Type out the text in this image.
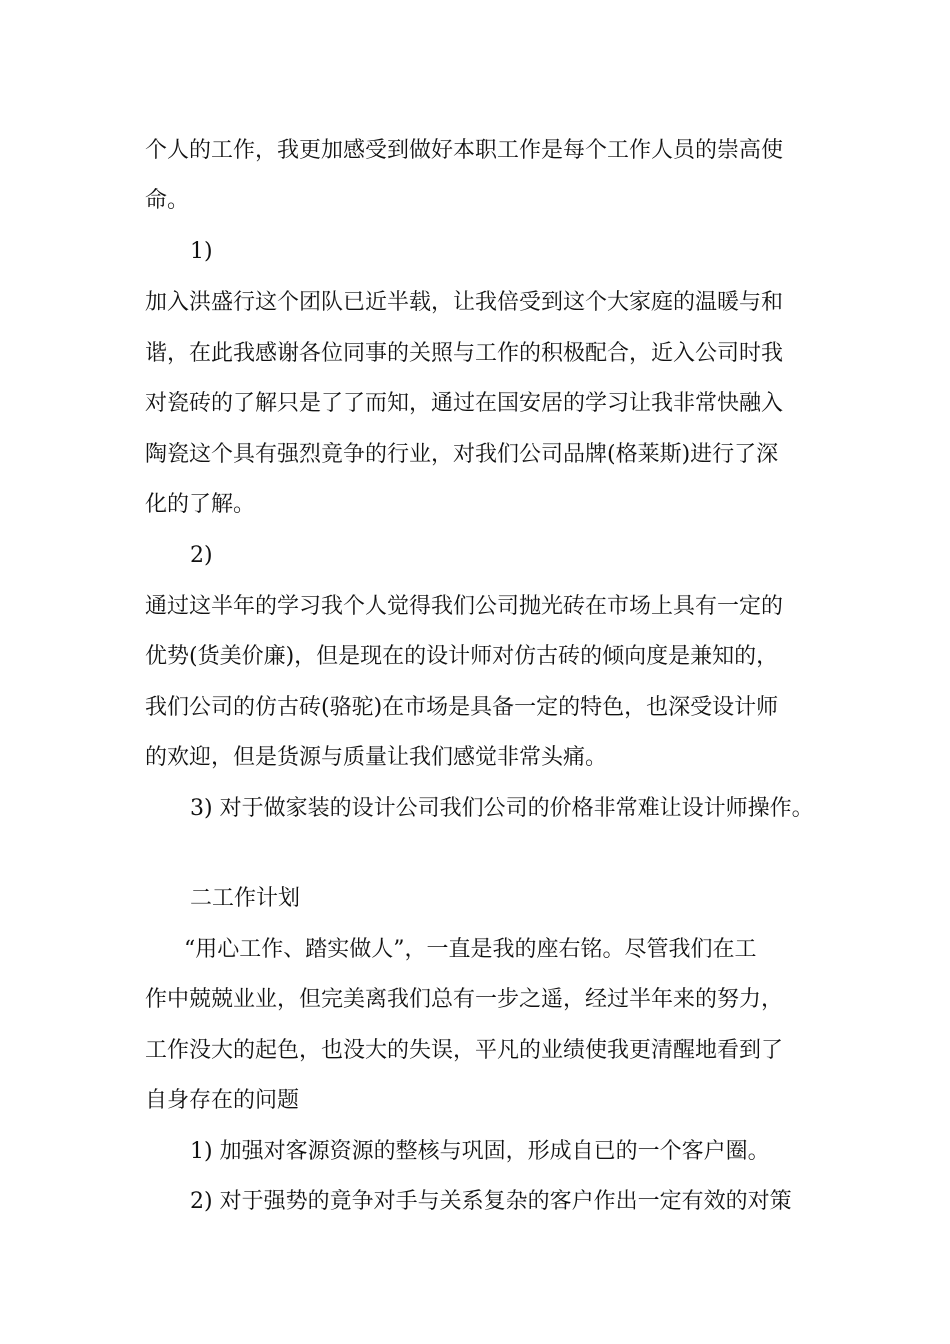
个人的工作，我更加感受到做好本职工作是每个工作人员的崇高使
命。
1)
加入洪盛行这个团队已近半载，让我倍受到这个大家庭的温暖与和
谐，在此我感谢各位同事的关照与工作的积极配合，近入公司时我
对瓷砖的了解只是了了而知，通过在国安居的学习让我非常快融入
陶瓷这个具有强烈竟争的行业，对我们公司品牌(格莱斯)进行了深
化的了解。
2)
通过这半年的学习我个人觉得我们公司抛光砖在市场上具有一定的
优势(货美价廉)，但是现在的设计师对仿古砖的倾向度是兼知的，
我们公司的仿古砖(骆驼)在市场是具备一定的特色，也深受设计师
的欢迎，但是货源与质量让我们感觉非常头痛。
3) 对于做家装的设计公司我们公司的价格非常难让设计师操作。
二工作计划
“用心工作、踏实做人”，一直是我的座右铭。尽管我们在工
作中兢兢业业，但完美离我们总有一步之遥，经过半年来的努力，
工作没大的起色，也没大的失误，平凡的业绩使我更清醒地看到了
自身存在的问题
1) 加强对客源资源的整核与巩固，形成自已的一个客户圈。
2) 对于强势的竟争对手与关系复杂的客户作出一定有效的对策
